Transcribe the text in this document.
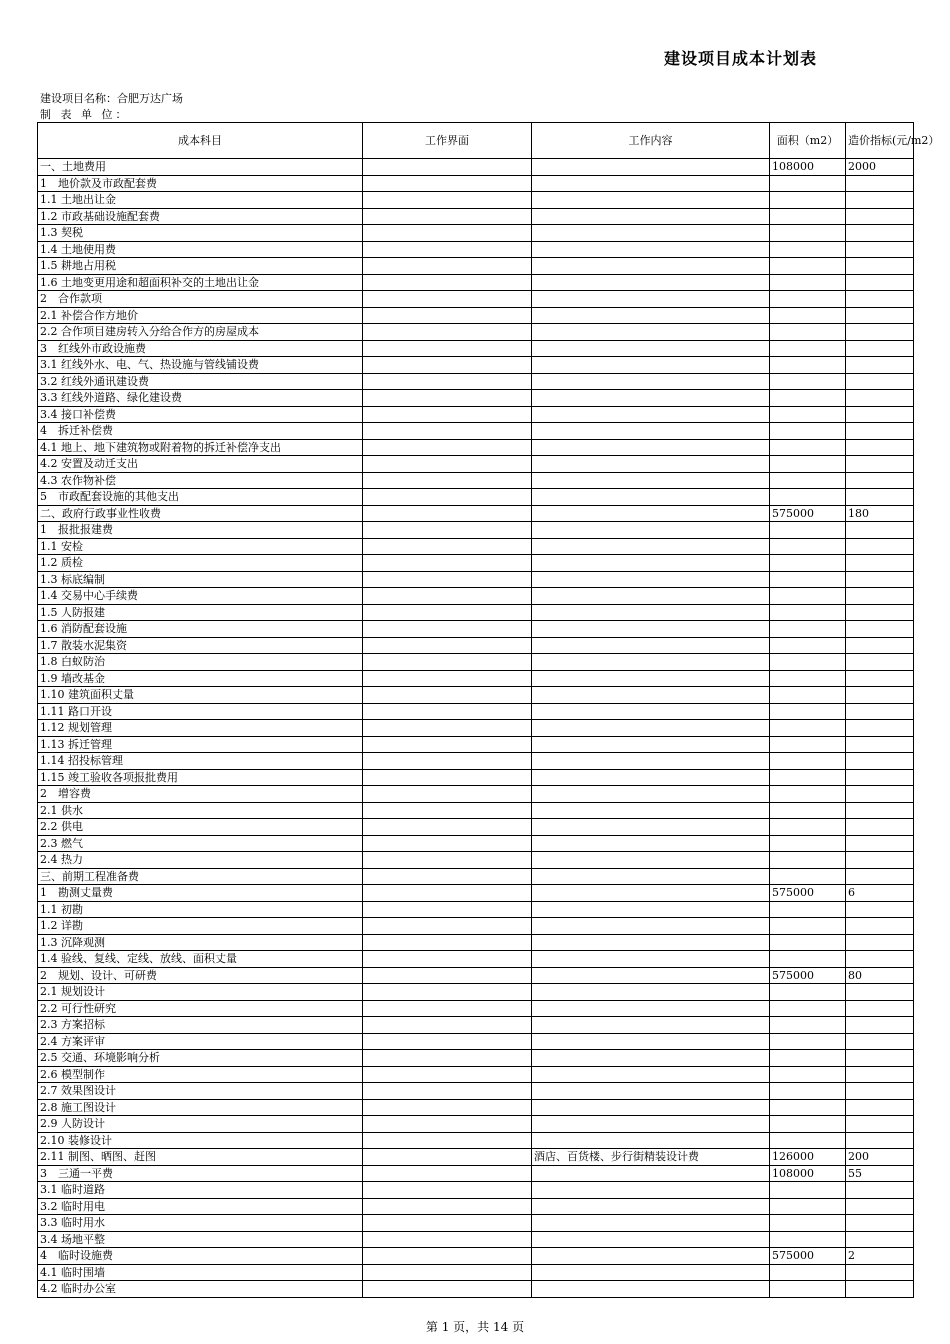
建设项目成本计划表
建设项目名称：合肥万达广场
制 表 单 位：
成本科目	工作界面	工作内容	面积（m2）	造价指标(元/m2）
一、土地费用			108000	2000
1　地价款及市政配套费				
1.1 土地出让金				
1.2 市政基础设施配套费				
1.3 契税				
1.4 土地使用费				
1.5 耕地占用税				
1.6 土地变更用途和超面积补交的土地出让金				
2　合作款项				
2.1 补偿合作方地价				
2.2 合作项目建房转入分给合作方的房屋成本				
3　红线外市政设施费				
3.1 红线外水、电、气、热设施与管线铺设费				
3.2 红线外通讯建设费				
3.3 红线外道路、绿化建设费				
3.4 接口补偿费				
4　拆迁补偿费				
4.1 地上、地下建筑物或附着物的拆迁补偿净支出				
4.2 安置及动迁支出				
4.3 农作物补偿				
5　市政配套设施的其他支出				
二、政府行政事业性收费			575000	180
1　报批报建费				
1.1 安检				
1.2 质检				
1.3 标底编制				
1.4 交易中心手续费				
1.5 人防报建				
1.6 消防配套设施				
1.7 散装水泥集资				
1.8 白蚁防治				
1.9 墙改基金				
1.10 建筑面积丈量				
1.11 路口开设				
1.12 规划管理				
1.13 拆迁管理				
1.14 招投标管理				
1.15 竣工验收各项报批费用				
2　增容费				
2.1 供水				
2.2 供电				
2.3 燃气				
2.4 热力				
三、前期工程准备费				
1　勘测丈量费			575000	6
1.1 初勘				
1.2 详勘				
1.3 沉降观测				
1.4 验线、复线、定线、放线、面积丈量				
2　规划、设计、可研费			575000	80
2.1 规划设计				
2.2 可行性研究				
2.3 方案招标				
2.4 方案评审				
2.5 交通、环境影响分析				
2.6 模型制作				
2.7 效果图设计				
2.8 施工图设计				
2.9 人防设计				
2.10 装修设计				
2.11 制图、晒图、赶图		酒店、百货楼、步行街精装设计费	126000	200
3　三通一平费			108000	55
3.1 临时道路				
3.2 临时用电				
3.3 临时用水				
3.4 场地平整				
4　临时设施费			575000	2
4.1 临时围墙				
4.2 临时办公室				
第 1 页，共 14 页
